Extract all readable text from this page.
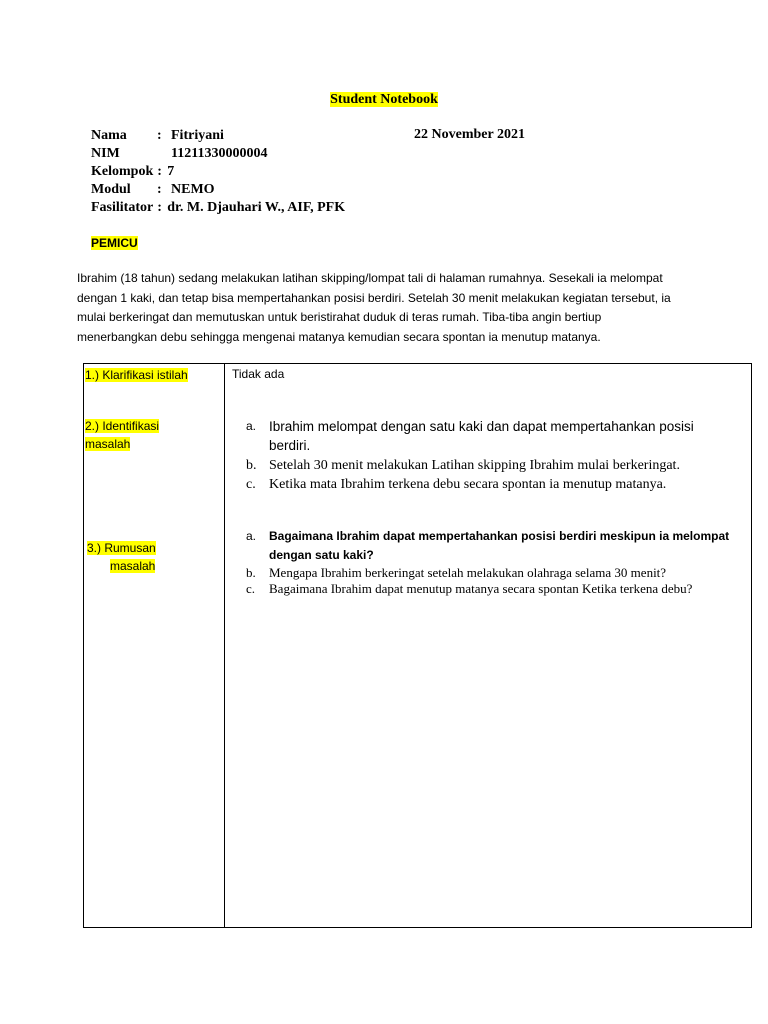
Student Notebook
Nama	: Fitriyani
NIM	11211330000004
Kelompok : 7
Modul	: NEMO
Fasilitator : dr. M. Djauhari W., AIF, PFK
22 November 2021
PEMICU
Ibrahim (18 tahun) sedang melakukan latihan skipping/lompat tali di halaman rumahnya. Sesekali ia melompat
dengan 1 kaki, dan tetap bisa mempertahankan posisi berdiri. Setelah 30 menit melakukan kegiatan tersebut, ia
mulai berkeringat dan memutuskan untuk beristirahat duduk di teras rumah. Tiba-tiba angin bertiup
menerbangkan debu sehingga mengenai matanya kemudian secara spontan ia menutup matanya.
1.) Klarifikasi istilah	Tidak ada
2.) Identifikasi
masalah
a. Ibrahim melompat dengan satu kaki dan dapat mempertahankan posisi
berdiri.
b. Setelah 30 menit melakukan Latihan skipping Ibrahim mulai berkeringat.
c. Ketika mata Ibrahim terkena debu secara spontan ia menutup matanya.
3.) Rumusan
masalah
a.	Bagaimana Ibrahim dapat mempertahankan posisi berdiri meskipun ia melompat
dengan satu kaki?
b.	Mengapa Ibrahim berkeringat setelah melakukan olahraga selama 30 menit?
c.	Bagaimana Ibrahim dapat menutup matanya secara spontan Ketika terkena debu?
